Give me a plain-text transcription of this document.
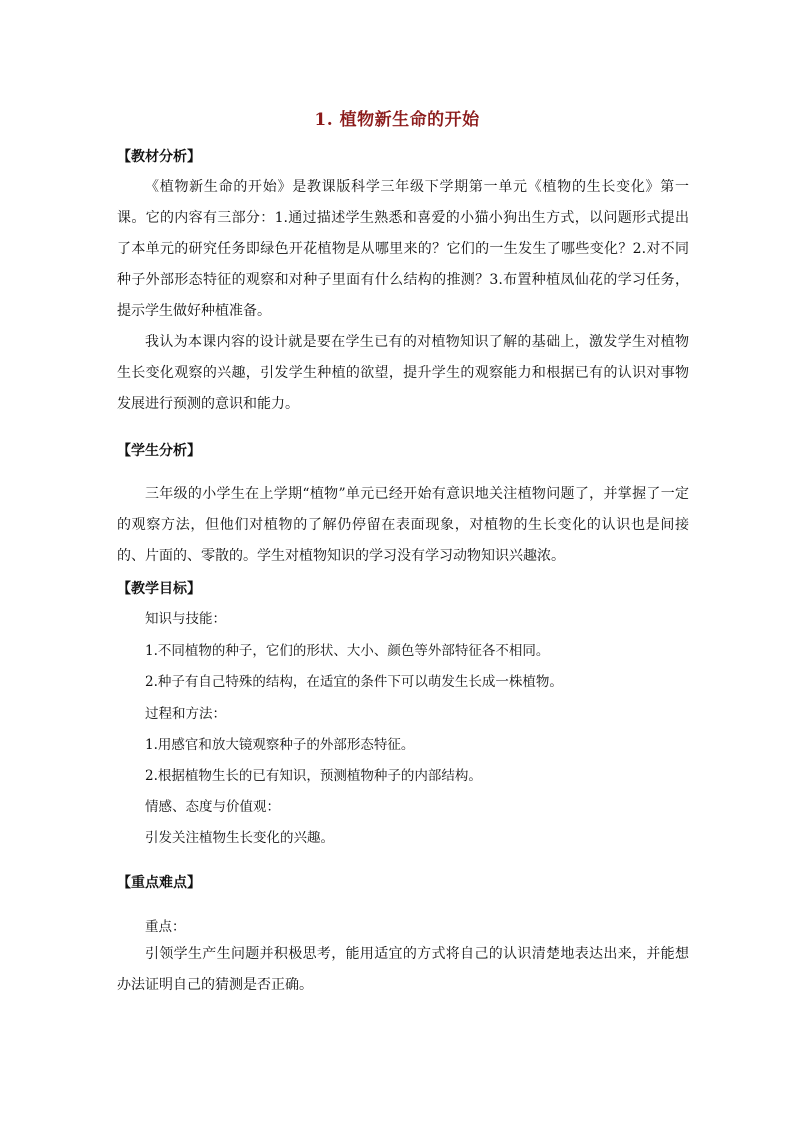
1. 植物新生命的开始
【教材分析】

《植物新生命的开始》是教课版科学三年级下学期第一单元《植物的生长变化》第一课。它的内容有三部分：1.通过描述学生熟悉和喜爱的小猫小狗出生方式，以问题形式提出了本单元的研究任务即绿色开花植物是从哪里来的？它们的一生发生了哪些变化？2.对不同种子外部形态特征的观察和对种子里面有什么结构的推测？3.布置种植凤仙花的学习任务，提示学生做好种植准备。

我认为本课内容的设计就是要在学生已有的对植物知识了解的基础上，激发学生对植物生长变化观察的兴趣，引发学生种植的欲望，提升学生的观察能力和根据已有的认识对事物发展进行预测的意识和能力。

【学生分析】

三年级的小学生在上学期“植物”单元已经开始有意识地关注植物问题了，并掌握了一定的观察方法，但他们对植物的了解仍停留在表面现象，对植物的生长变化的认识也是间接的、片面的、零散的。学生对植物知识的学习没有学习动物知识兴趣浓。

【教学目标】

知识与技能：

1.不同植物的种子，它们的形状、大小、颜色等外部特征各不相同。

2.种子有自己特殊的结构，在适宜的条件下可以萌发生长成一株植物。

过程和方法：

1.用感官和放大镜观察种子的外部形态特征。

2.根据植物生长的已有知识，预测植物种子的内部结构。

情感、态度与价值观：

引发关注植物生长变化的兴趣。

【重点难点】

重点：

引领学生产生问题并积极思考，能用适宜的方式将自己的认识清楚地表达出来，并能想办法证明自己的猜测是否正确。
